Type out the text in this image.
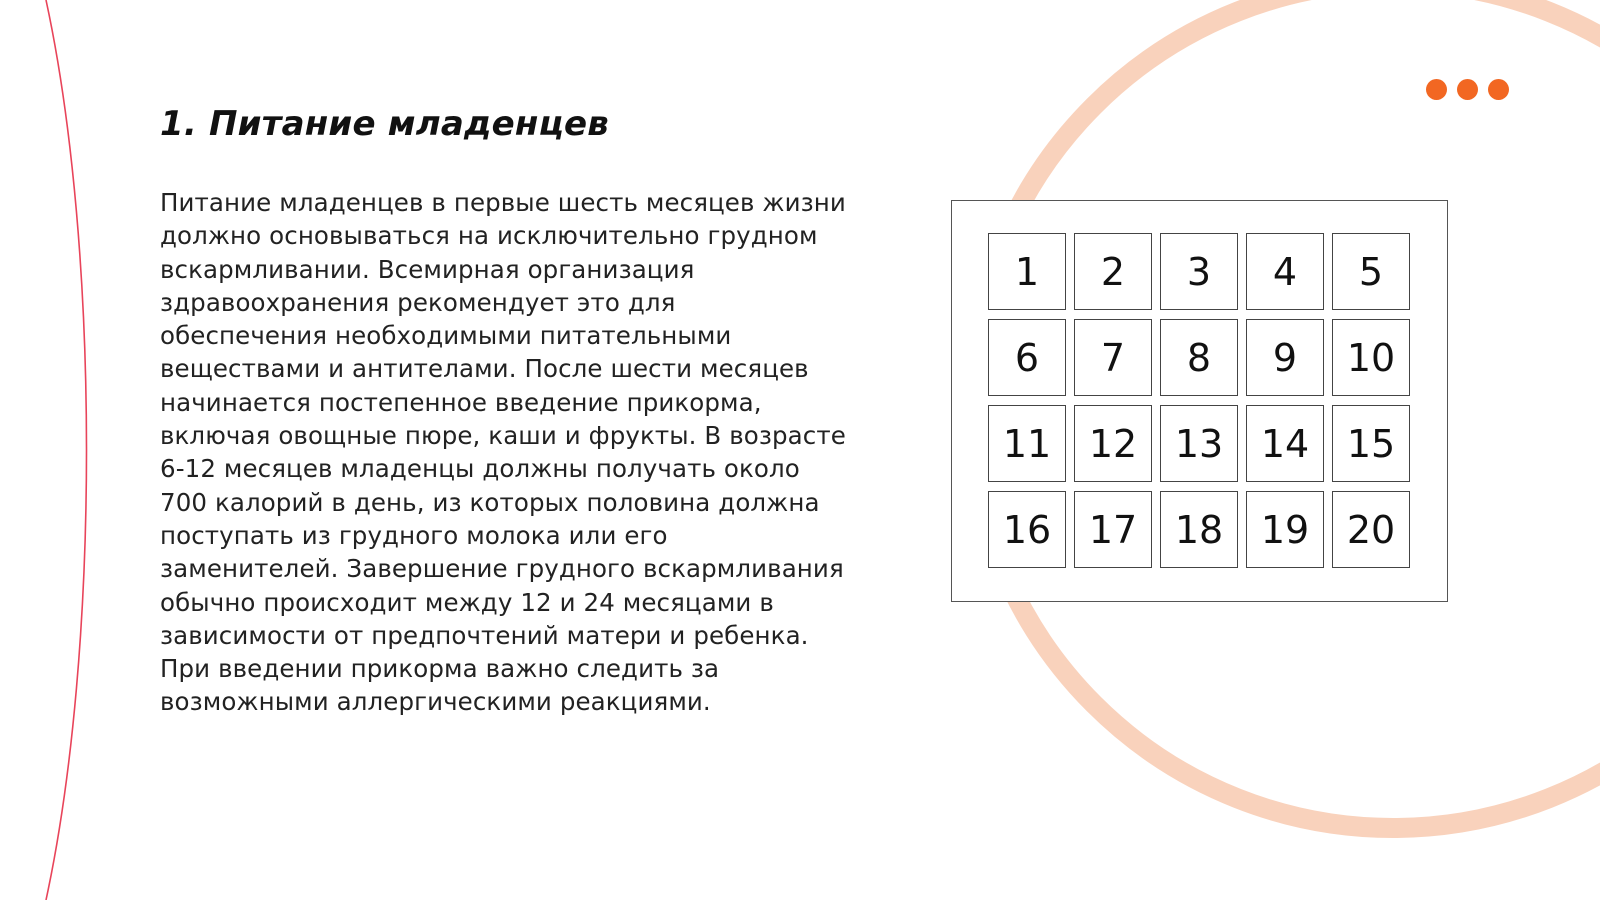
1. Питание младенцев

Питание младенцев в первые шесть месяцев жизни должно основываться на исключительно грудном вскармливании. Всемирная организация здравоохранения рекомендует это для обеспечения необходимыми питательными веществами и антителами. После шести месяцев начинается постепенное введение прикорма, включая овощные пюре, каши и фрукты. В возрасте 6-12 месяцев младенцы должны получать около 700 калорий в день, из которых половина должна поступать из грудного молока или его заменителей. Завершение грудного вскармливания обычно происходит между 12 и 24 месяцами в зависимости от предпочтений матери и ребенка. При введении прикорма важно следить за возможными аллергическими реакциями.

1	2	3	4	5
6	7	8	9	10
11 12 13 14 15
16 17 18 19 20
